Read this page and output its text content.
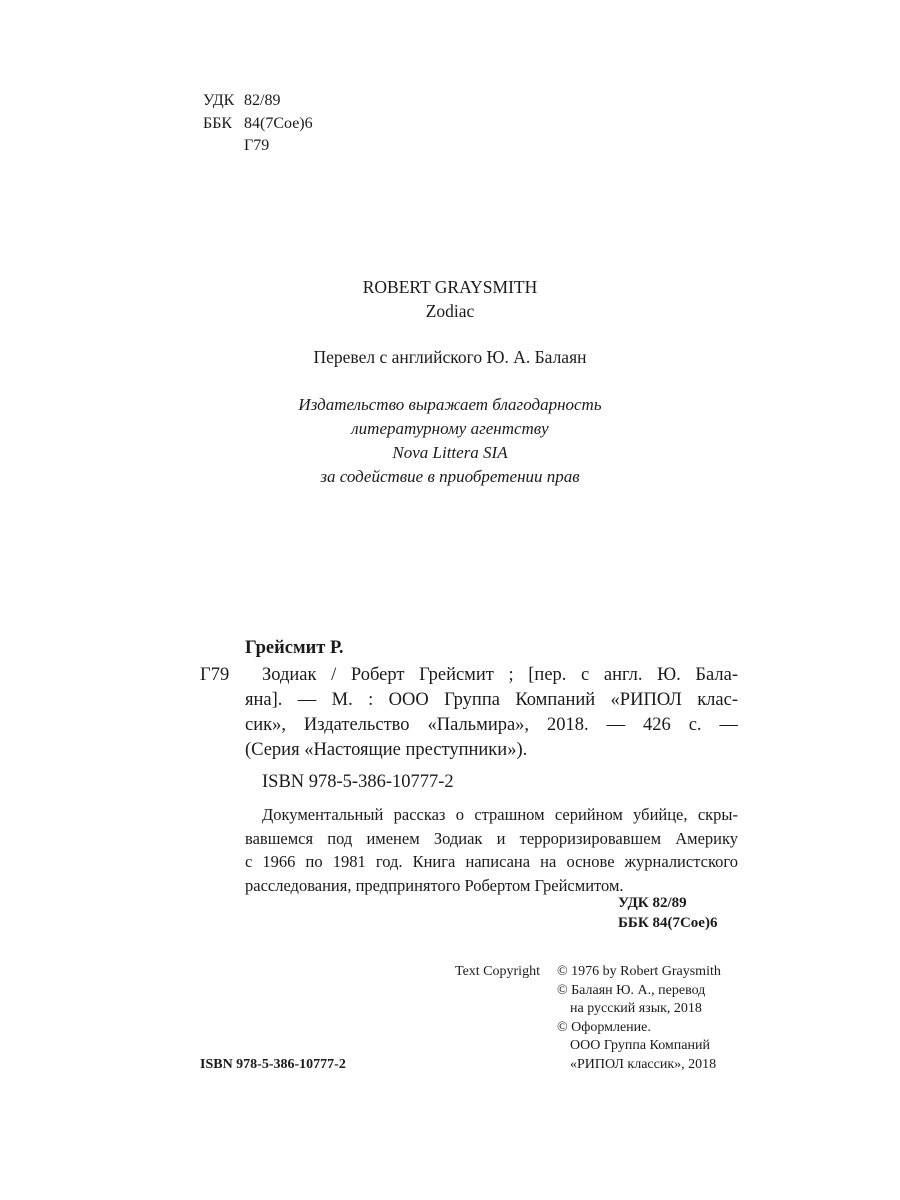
УДК 82/89
ББК 84(7Сое)6
Г79
ROBERT GRAYSMITH
Zodiac
Перевел с английского Ю. А. Балаян
Издательство выражает благодарность
литературному агентству
Nova Littera SIA
за содействие в приобретении прав
Грейсмит Р.
Г79	Зодиак / Роберт Грейсмит ; [пер. с англ. Ю. Бала-
яна]. — М. : ООО Группа Компаний «РИПОЛ клас-
сик», Издательство «Пальмира», 2018. — 426 с. —
(Серия «Настоящие преступники»).
ISBN 978-5-386-10777-2
Документальный рассказ о страшном серийном убийце, скры-
вавшемся под именем Зодиак и терроризировавшем Америку
с 1966 по 1981 год. Книга написана на основе журналистского
расследования, предпринятого Робертом Грейсмитом.
УДК 82/89
ББК 84(7Сое)6
Text Copyright © 1976 by Robert Graysmith
© Балаян Ю. А., перевод
на русский язык, 2018
© Оформление.
ООО Группа Компаний
«РИПОЛ классик», 2018
ISBN 978-5-386-10777-2
